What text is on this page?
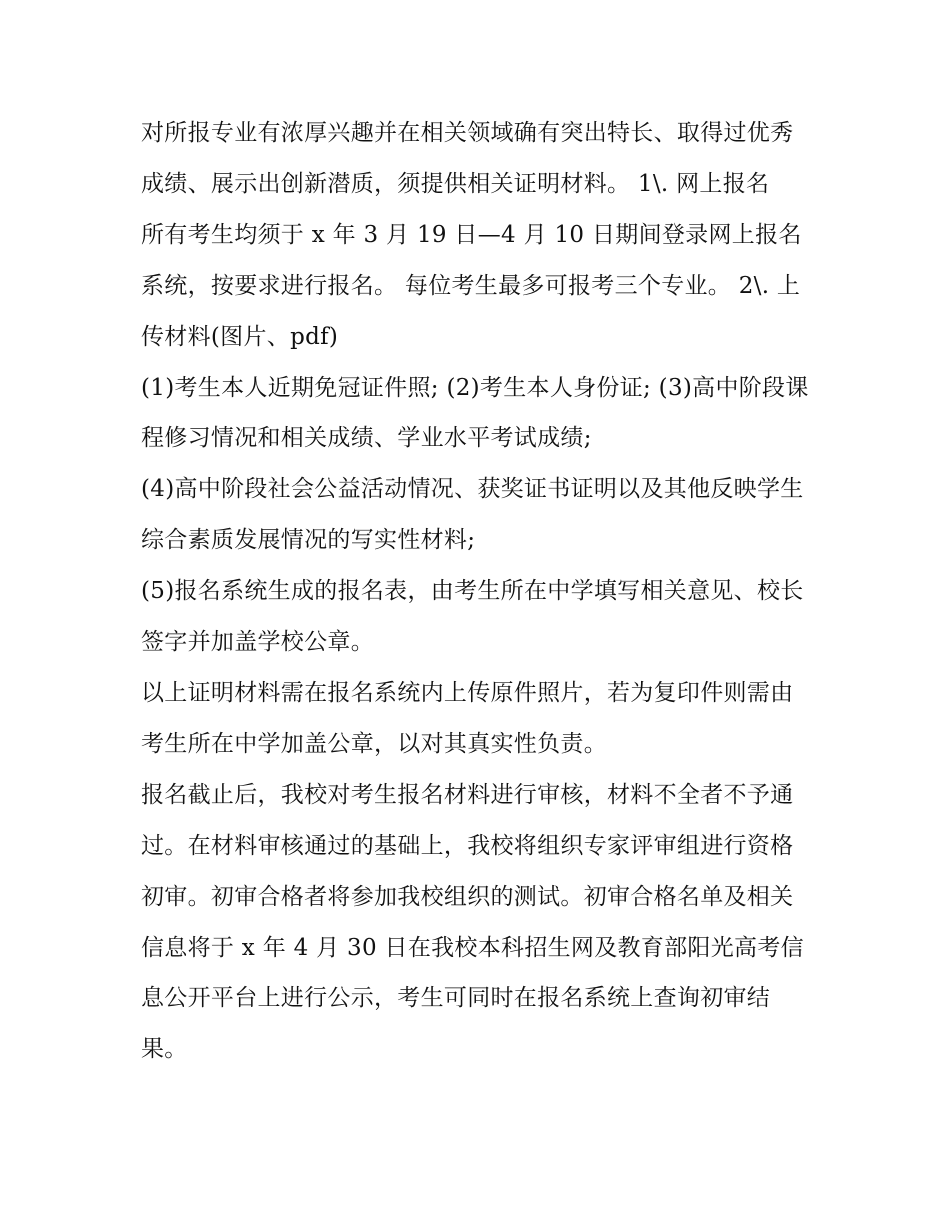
对所报专业有浓厚兴趣并在相关领域确有突出特长、取得过优秀成绩、展示出创新潜质，须提供相关证明材料。 1\. 网上报名

所有考生均须于 x 年 3 月 19 日—4 月 10 日期间登录网上报名系统，按要求进行报名。 每位考生最多可报考三个专业。 2\. 上传材料(图片、pdf)

(1)考生本人近期免冠证件照; (2)考生本人身份证; (3)高中阶段课程修习情况和相关成绩、学业水平考试成绩;

(4)高中阶段社会公益活动情况、获奖证书证明以及其他反映学生综合素质发展情况的写实性材料;

(5)报名系统生成的报名表，由考生所在中学填写相关意见、校长签字并加盖学校公章。

以上证明材料需在报名系统内上传原件照片，若为复印件则需由考生所在中学加盖公章，以对其真实性负责。

报名截止后，我校对考生报名材料进行审核，材料不全者不予通过。在材料审核通过的基础上，我校将组织专家评审组进行资格初审。初审合格者将参加我校组织的测试。初审合格名单及相关信息将于 x 年 4 月 30 日在我校本科招生网及教育部阳光高考信息公开平台上进行公示，考生可同时在报名系统上查询初审结果。
